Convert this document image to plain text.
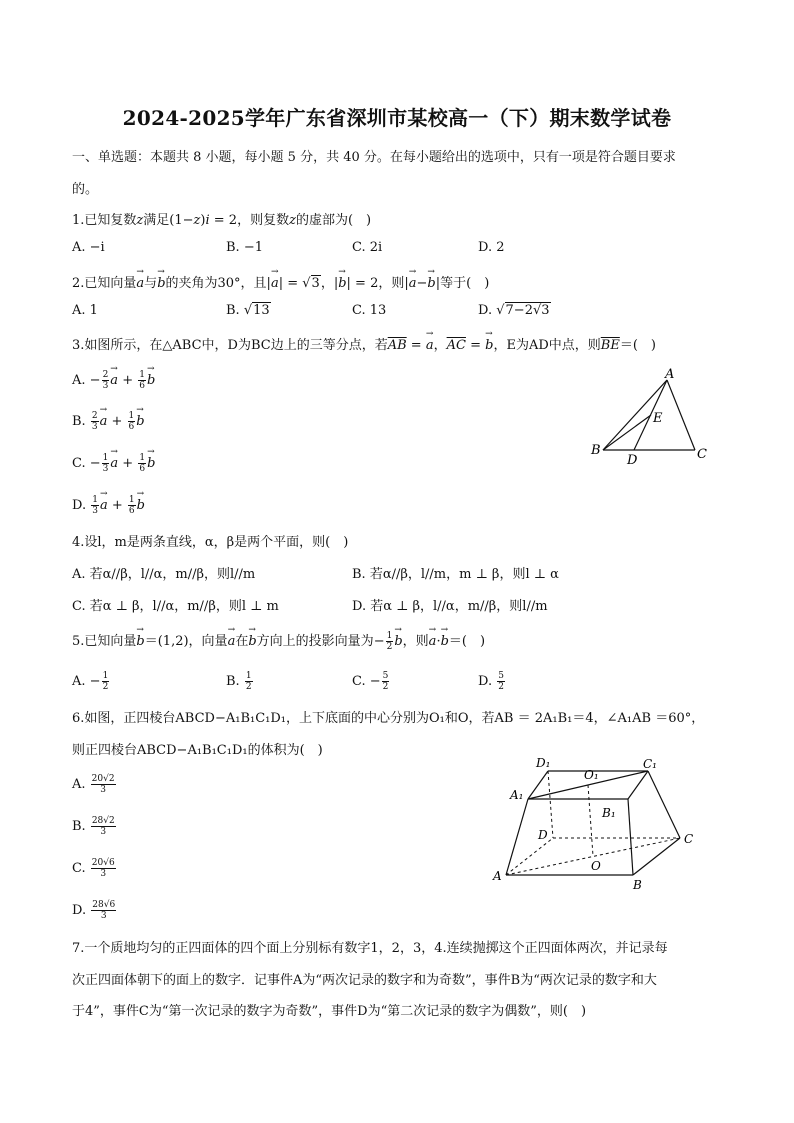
2024-2025学年广东省深圳市某校高一（下）期末数学试卷
一、单选题：本题共 8 小题，每小题 5 分，共 40 分。在每小题给出的选项中，只有一项是符合题目要求
的。
1.已知复数z满足(1−z)i = 2，则复数z的虚部为(　)
A. −i	B. −1	C. 2i	D. 2
2.已知向量→ a与→ b的夹角为30°，且|→ a| = √3，|→ b| = 2，则|→ a−→ b|等于(　)
A. 1	B. √13	C. 13	D. √7−2√3
3.如图所示，在△ABC中，D为BC边上的三等分点，若$\overline{AB}$ = → a，$\overline{AC}$ = → b，E为AD中点，则$\overline{BE}=$(　)
A. − $\frac{2}{3} \to a + \frac{1}{6} \to b$
B. $\frac{2}{3} \to a + \frac{1}{6} \to b$
C. − $\frac{1}{3} \to a + \frac{1}{6} \to b$
D. $\frac{1}{3} \to a + \frac{1}{6} \to b$
A
B	C
D
E
4.设l，m是两条直线，α，β是两个平面，则(　)
A. 若α//β，l//α，m//β，则l//m	B. 若α//β，l//m，m ⊥ β，则l ⊥ α
C. 若α ⊥ β，l//α，m//β，则l ⊥ m	D. 若α ⊥ β，l//α，m//β，则l//m
5.已知向量→ b＝(1,2)，向量→ a在→ b方向上的投影向量为− $\frac{1}{2} \to b$，则→ a·→ b＝(　)
A. − $\frac{1}{2}$	B. $\frac{1}{2}$	C. − $\frac{5}{2}$	D. $\frac{5}{2}$
6.如图，正四棱台ABCD−A₁B₁C₁D₁，上下底面的中心分别为O₁和O，若AB ＝ 2A₁B₁＝4，∠A₁AB ＝60°，
则正四棱台ABCD−A₁B₁C₁D₁的体积为(　)
A. $\frac{20√2}{3}$
B. $\frac{28√2}{3}$
C. $\frac{20√6}{3}$
D. $\frac{28√6}{3}$
D₁
O₁
C₁
A₁
B₁
D	C
O
A
B
7.一个质地均匀的正四面体的四个面上分别标有数字1，2，3，4.连续抛掷这个正四面体两次，并记录每
次正四面体朝下的面上的数字．记事件A为“两次记录的数字和为奇数”，事件B为“两次记录的数字和大
于4”，事件C为“第一次记录的数字为奇数”，事件D为“第二次记录的数字为偶数”，则(　)
